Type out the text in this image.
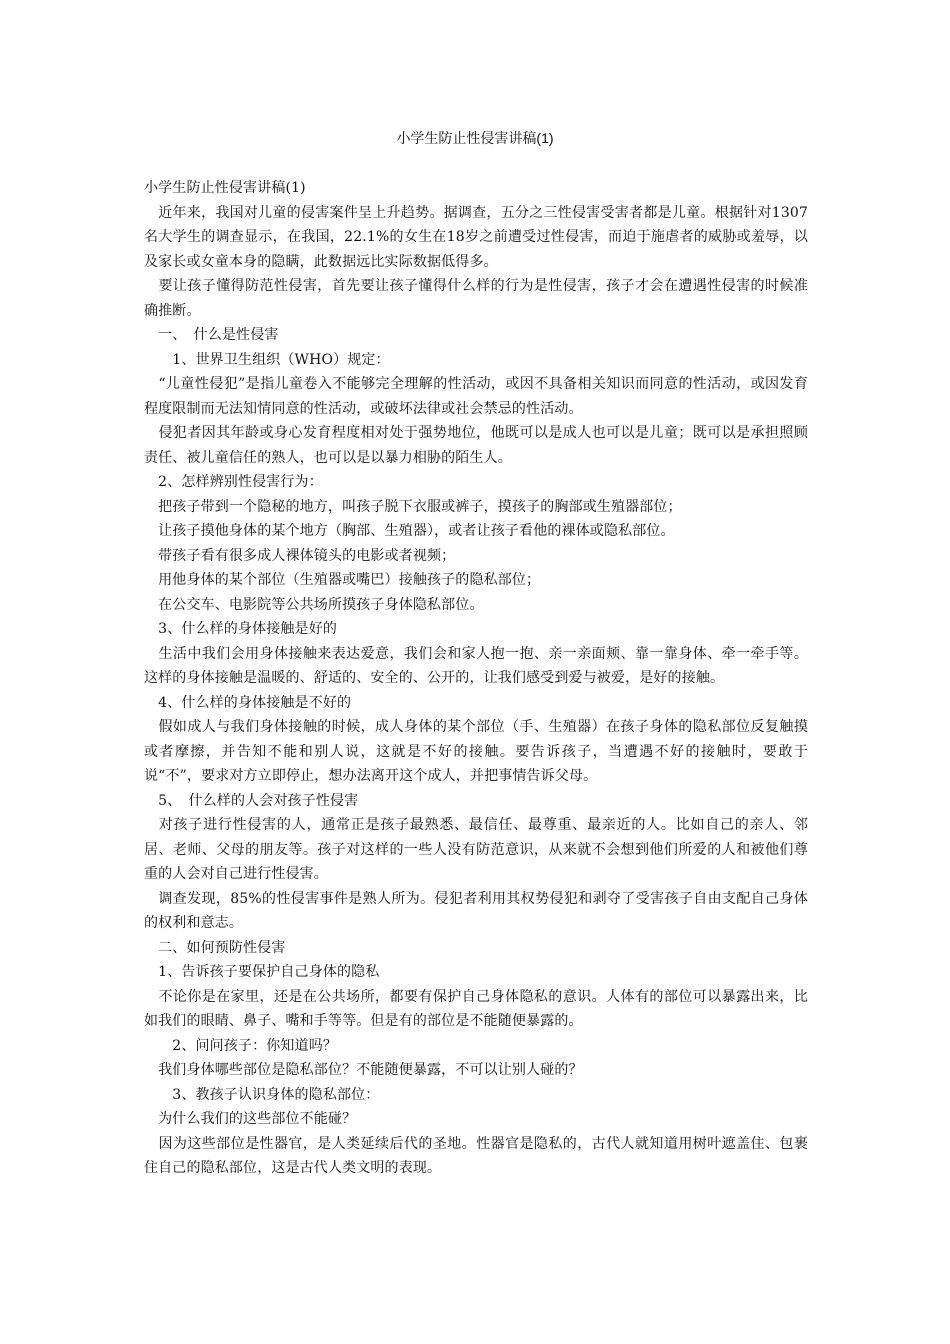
小学生防止性侵害讲稿(1)

小学生防止性侵害讲稿(1)

　近年来，我国对儿童的侵害案件呈上升趋势。据调查，五分之三性侵害受害者都是儿童。根据针对1307名大学生的调查显示，在我国，22.1%的女生在18岁之前遭受过性侵害，而迫于施虐者的威胁或羞辱，以及家长或女童本身的隐瞒，此数据远比实际数据低得多。

　要让孩子懂得防范性侵害，首先要让孩子懂得什么样的行为是性侵害，孩子才会在遭遇性侵害的时候准确推断。

　一、　什么是性侵害

　　1、世界卫生组织（WHO）规定：

　“儿童性侵犯”是指儿童卷入不能够完全理解的性活动，或因不具备相关知识而同意的性活动，或因发育程度限制而无法知情同意的性活动，或破坏法律或社会禁忌的性活动。

　侵犯者因其年龄或身心发育程度相对处于强势地位，他既可以是成人也可以是儿童；既可以是承担照顾责任、被儿童信任的熟人，也可以是以暴力相胁的陌生人。

　2、怎样辨别性侵害行为：

　把孩子带到一个隐秘的地方，叫孩子脱下衣服或裤子，摸孩子的胸部或生殖器部位；

　让孩子摸他身体的某个地方（胸部、生殖器），或者让孩子看他的裸体或隐私部位。

　带孩子看有很多成人裸体镜头的电影或者视频；

　用他身体的某个部位（生殖器或嘴巴）接触孩子的隐私部位；

　在公交车、电影院等公共场所摸孩子身体隐私部位。

　3、什么样的身体接触是好的

　生活中我们会用身体接触来表达爱意，我们会和家人抱一抱、亲一亲面颊、靠一靠身体、牵一牵手等。这样的身体接触是温暖的、舒适的、安全的、公开的，让我们感受到爱与被爱，是好的接触。

　4、什么样的身体接触是不好的

　假如成人与我们身体接触的时候，成人身体的某个部位（手、生殖器）在孩子身体的隐私部位反复触摸或者摩擦，并告知不能和别人说，这就是不好的接触。要告诉孩子，当遭遇不好的接触时，要敢于说“不”，要求对方立即停止，想办法离开这个成人，并把事情告诉父母。

　5、　什么样的人会对孩子性侵害

　对孩子进行性侵害的人，通常正是孩子最熟悉、最信任、最尊重、最亲近的人。比如自己的亲人、邻居、老师、父母的朋友等。孩子对这样的一些人没有防范意识，从来就不会想到他们所爱的人和被他们尊重的人会对自己进行性侵害。

　调查发现，85%的性侵害事件是熟人所为。侵犯者利用其权势侵犯和剥夺了受害孩子自由支配自己身体的权利和意志。

　二、如何预防性侵害

　1、告诉孩子要保护自己身体的隐私

　不论你是在家里，还是在公共场所，都要有保护自己身体隐私的意识。人体有的部位可以暴露出来，比如我们的眼睛、鼻子、嘴和手等等。但是有的部位是不能随便暴露的。

　　2、问问孩子：你知道吗？

　我们身体哪些部位是隐私部位？不能随便暴露，不可以让别人碰的？

　　3、教孩子认识身体的隐私部位：

　为什么我们的这些部位不能碰？

　因为这些部位是性器官，是人类延续后代的圣地。性器官是隐私的，古代人就知道用树叶遮盖住、包裹住自己的隐私部位，这是古代人类文明的表现。
